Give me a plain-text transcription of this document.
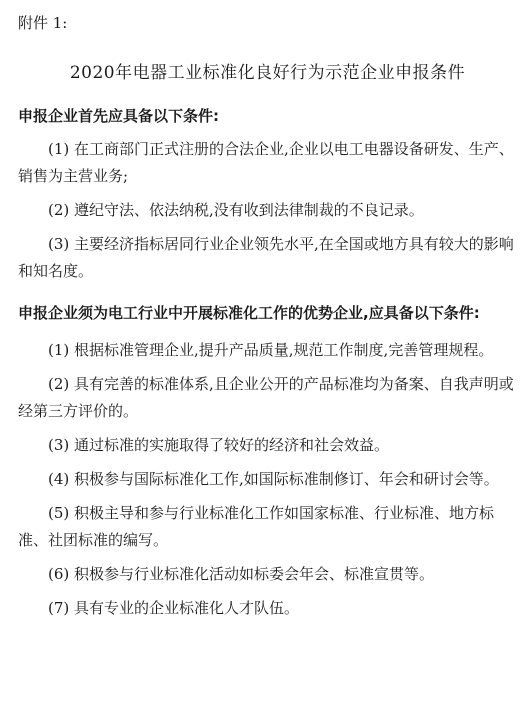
附件 1:
2020年电器工业标准化良好行为示范企业申报条件
申报企业首先应具备以下条件:

(1) 在工商部门正式注册的合法企业,企业以电工电器设备研发、生产、销售为主营业务;

(2) 遵纪守法、依法纳税,没有收到法律制裁的不良记录。

(3) 主要经济指标居同行业企业领先水平,在全国或地方具有较大的影响和知名度。

申报企业须为电工行业中开展标准化工作的优势企业,应具备以下条件:

(1) 根据标准管理企业,提升产品质量,规范工作制度,完善管理规程。

(2) 具有完善的标准体系,且企业公开的产品标准均为备案、自我声明或经第三方评价的。

(3) 通过标准的实施取得了较好的经济和社会效益。

(4) 积极参与国际标准化工作,如国际标准制修订、年会和研讨会等。

(5) 积极主导和参与行业标准化工作如国家标准、行业标准、地方标准、社团标准的编写。

(6) 积极参与行业标准化活动如标委会年会、标准宣贯等。

(7) 具有专业的企业标准化人才队伍。
